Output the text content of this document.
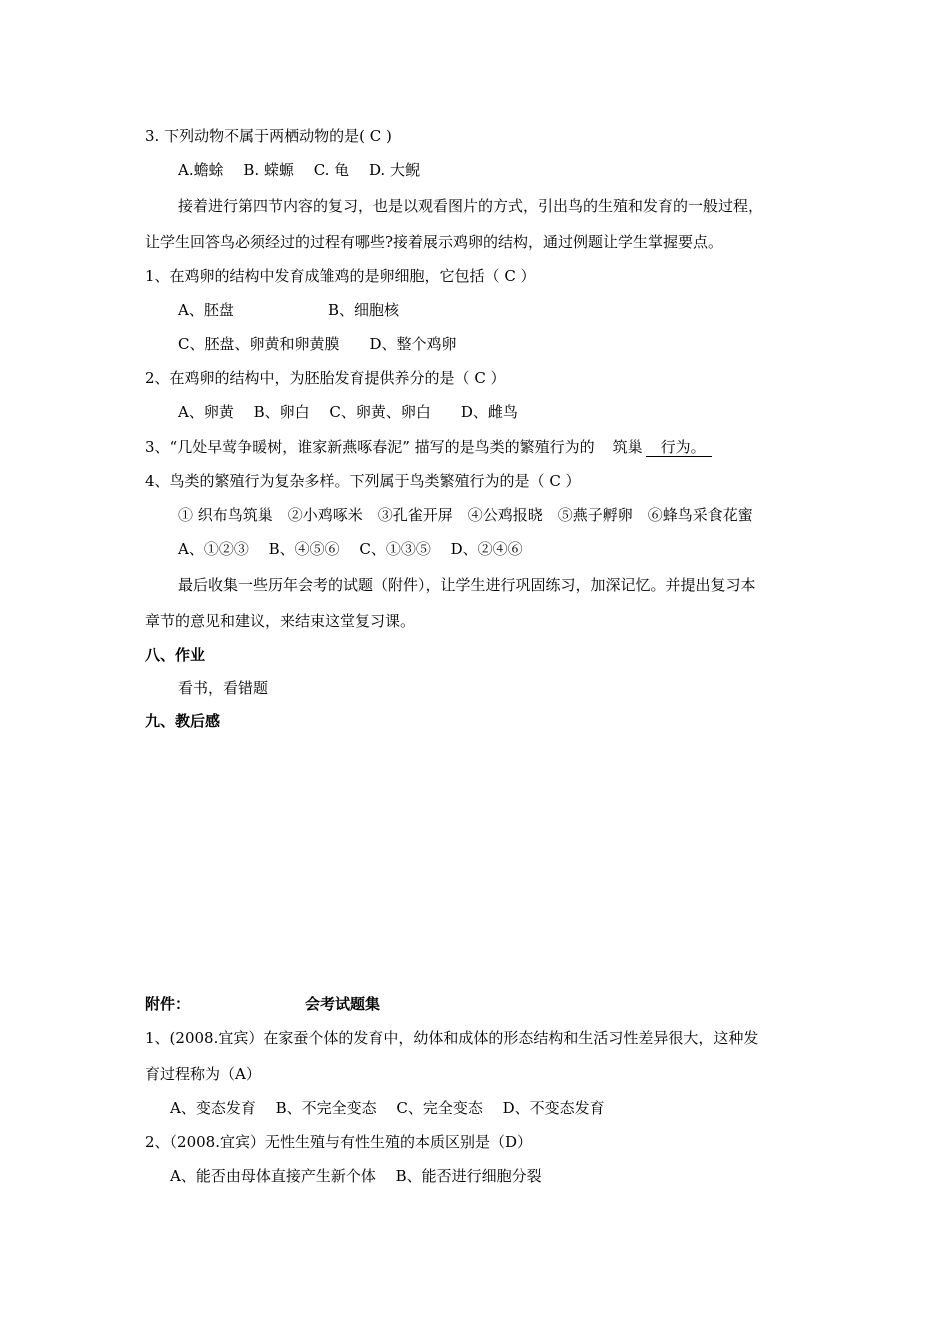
3. 下列动物不属于两栖动物的是( C )
A.蟾蜍　 B. 蝾螈　 C. 龟　 D. 大鲵
接着进行第四节内容的复习，也是以观看图片的方式，引出鸟的生殖和发育的一般过程，
让学生回答鸟必须经过的过程有哪些?接着展示鸡卵的结构，通过例题让学生掌握要点。
1、在鸡卵的结构中发育成雏鸡的是卵细胞，它包括（ C ）
A、胚盘	B、细胞核
C、胚盘、卵黄和卵黄膜　　D、整个鸡卵
2、在鸡卵的结构中，为胚胎发育提供养分的是（ C ）
A、卵黄　 B、卵白　 C、卵黄、卵白　　D、雌鸟
3、“几处早莺争暖树，谁家新燕啄春泥” 描写的是鸟类的繁殖行为的 筑巢 行为。
4、鸟类的繁殖行为复杂多样。下列属于鸟类繁殖行为的是（ C ）
① 织布鸟筑巢　②小鸡啄米　③孔雀开屏　④公鸡报晓　⑤燕子孵卵　⑥蜂鸟采食花蜜
A、①②③　 B、④⑤⑥　 C、①③⑤　 D、②④⑥
最后收集一些历年会考的试题（附件），让学生进行巩固练习，加深记忆。并提出复习本
章节的意见和建议，来结束这堂复习课。
八、作业
看书，看错题
九、教后感
附件：	会考试题集
1、(2008.宜宾）在家蚕个体的发育中，幼体和成体的形态结构和生活习性差异很大，这种发
育过程称为（A）
A、变态发育　 B、不完全变态　 C、完全变态　 D、不变态发育
2、（2008.宜宾）无性生殖与有性生殖的本质区别是（D）
A、能否由母体直接产生新个体　 B、能否进行细胞分裂
